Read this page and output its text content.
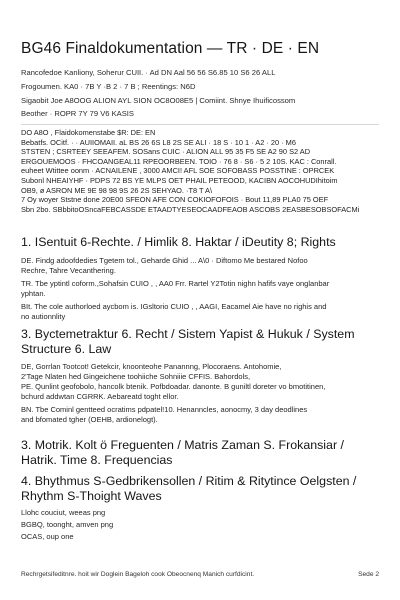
BG46 Finaldokumentation — TR · DE · EN
Rancofedoe Kanliony, Soherur CUII. · Ad DN Aal 56 56 S6.85 10 S6 26 ALL
Frogoumen. KA0 · 7B Y ·B 2 · 7 B ; Reentings: N6D
Sigaobit Joe A8OOG ALION AYL SION OC8O08E5 | Comiint. Shnye Ihuificossom
Beother · ROPR 7Y 79 V6 KASIS
DO A8O , Flaidokomenstabe $R: DE: EN
Bebatfs. OCitf. · · AUIIOMAII. aL BS 26 6S L8 2S SE ALI · 18 S · 10 1 · A2 · 20 · M6
STSTEN ; CSRTEEY SEEAFEM. SOSans CUIC · ALION ALL 95 35 F5 SE A2 90 S2 AD
ERGOUEMOOS · FHCOANGEAL11 RPEOORBEEN. TOIO · 76 8 · S6 · 5 2 10S. KAC : Conrall.
euheet Wtittee oonm · ACNAILENE , 3000 AMCI! AFL SOE SOFOBASS POSSTINE : OPRCEK
Subonl NHEAIYHF · PDPS 72 BS YE MLPS OET PHAIL PETEOOD, KACIBN AOCOHUDIhitoim
OB9, ø ASRON ME 9E 98 98 9S 26 2S SEHYAO. ·T8 T A\
7 Oy woyer Ststne done 20E00 SFEON AFE CON COKIOFOFOIS · Bout 11,89 PLA0 75 OEF
Sbn 2bo. SBbbitoOSncaFEBCASSDE ETAADTYESEOCAADFEAOB ASCOBS 2EASBESOBSOFACMi
1. ISentuit 6-Rechte. / Himlik 8. Haktar / iDeutity 8; Rights
DE. Findg adoofdedies Tgetem tol., Geharde Ghid ... A\0 · Diftomo Me bestared Nofoo
Rechre, Tahre Vecanthering.
TR. Tbe yptintl coform.,Sohafsin CUIO , , AA0 Frr. Rartel Y2Totin nighn hafifs vaye onglanbar
yphtan.
BIt. The cole authorloed aycbom is. IGsltorio CUIO , , AAGI, Eacamel Aie have no righis and
no autionnlity
3. Byctemetraktur 6. Recht / Sistem Yapist & Hukuk / System Structure 6. Law
DE, Gorrlan Tootcot! Getekcir, knoonteohe Panannng, Plocoraens. Antohomie,
2'Tage Nlaten hed Gingeichene toohiiche Sohniiie CFFIS. Bahordols,
PE. Qunlint geofobolo, hancolk btenik. Pofbdoadar. danonte. B guniltl doreter vo bmotitinen,
bchurd addwtan CGRRK. Aebareatd toght ellor.
BN. Tbe Cominl gentteed ocratims pdpatel!10. Henanncles, aonocmy, 3 day deodlines
and bfomated tgher (OEHB, ardionelogt).
3. Motrik. Kolt ö Freguenten / Matris Zaman S. Frokansiar / Hatrik. Time 8. Frequencias
4. Bhythmus S-Gedbrikensollen / Ritim & Ritytince Oelgsten / Rhythm S-Thoight Waves
Llohc couciut, weeas png
BGBQ, toonght, amven png
OCAS, oup one
Rechrgetsifeditnre. hoit wir Doglein Bageloh cook Obeocnenq Manich curfdicint.	Sede 2
